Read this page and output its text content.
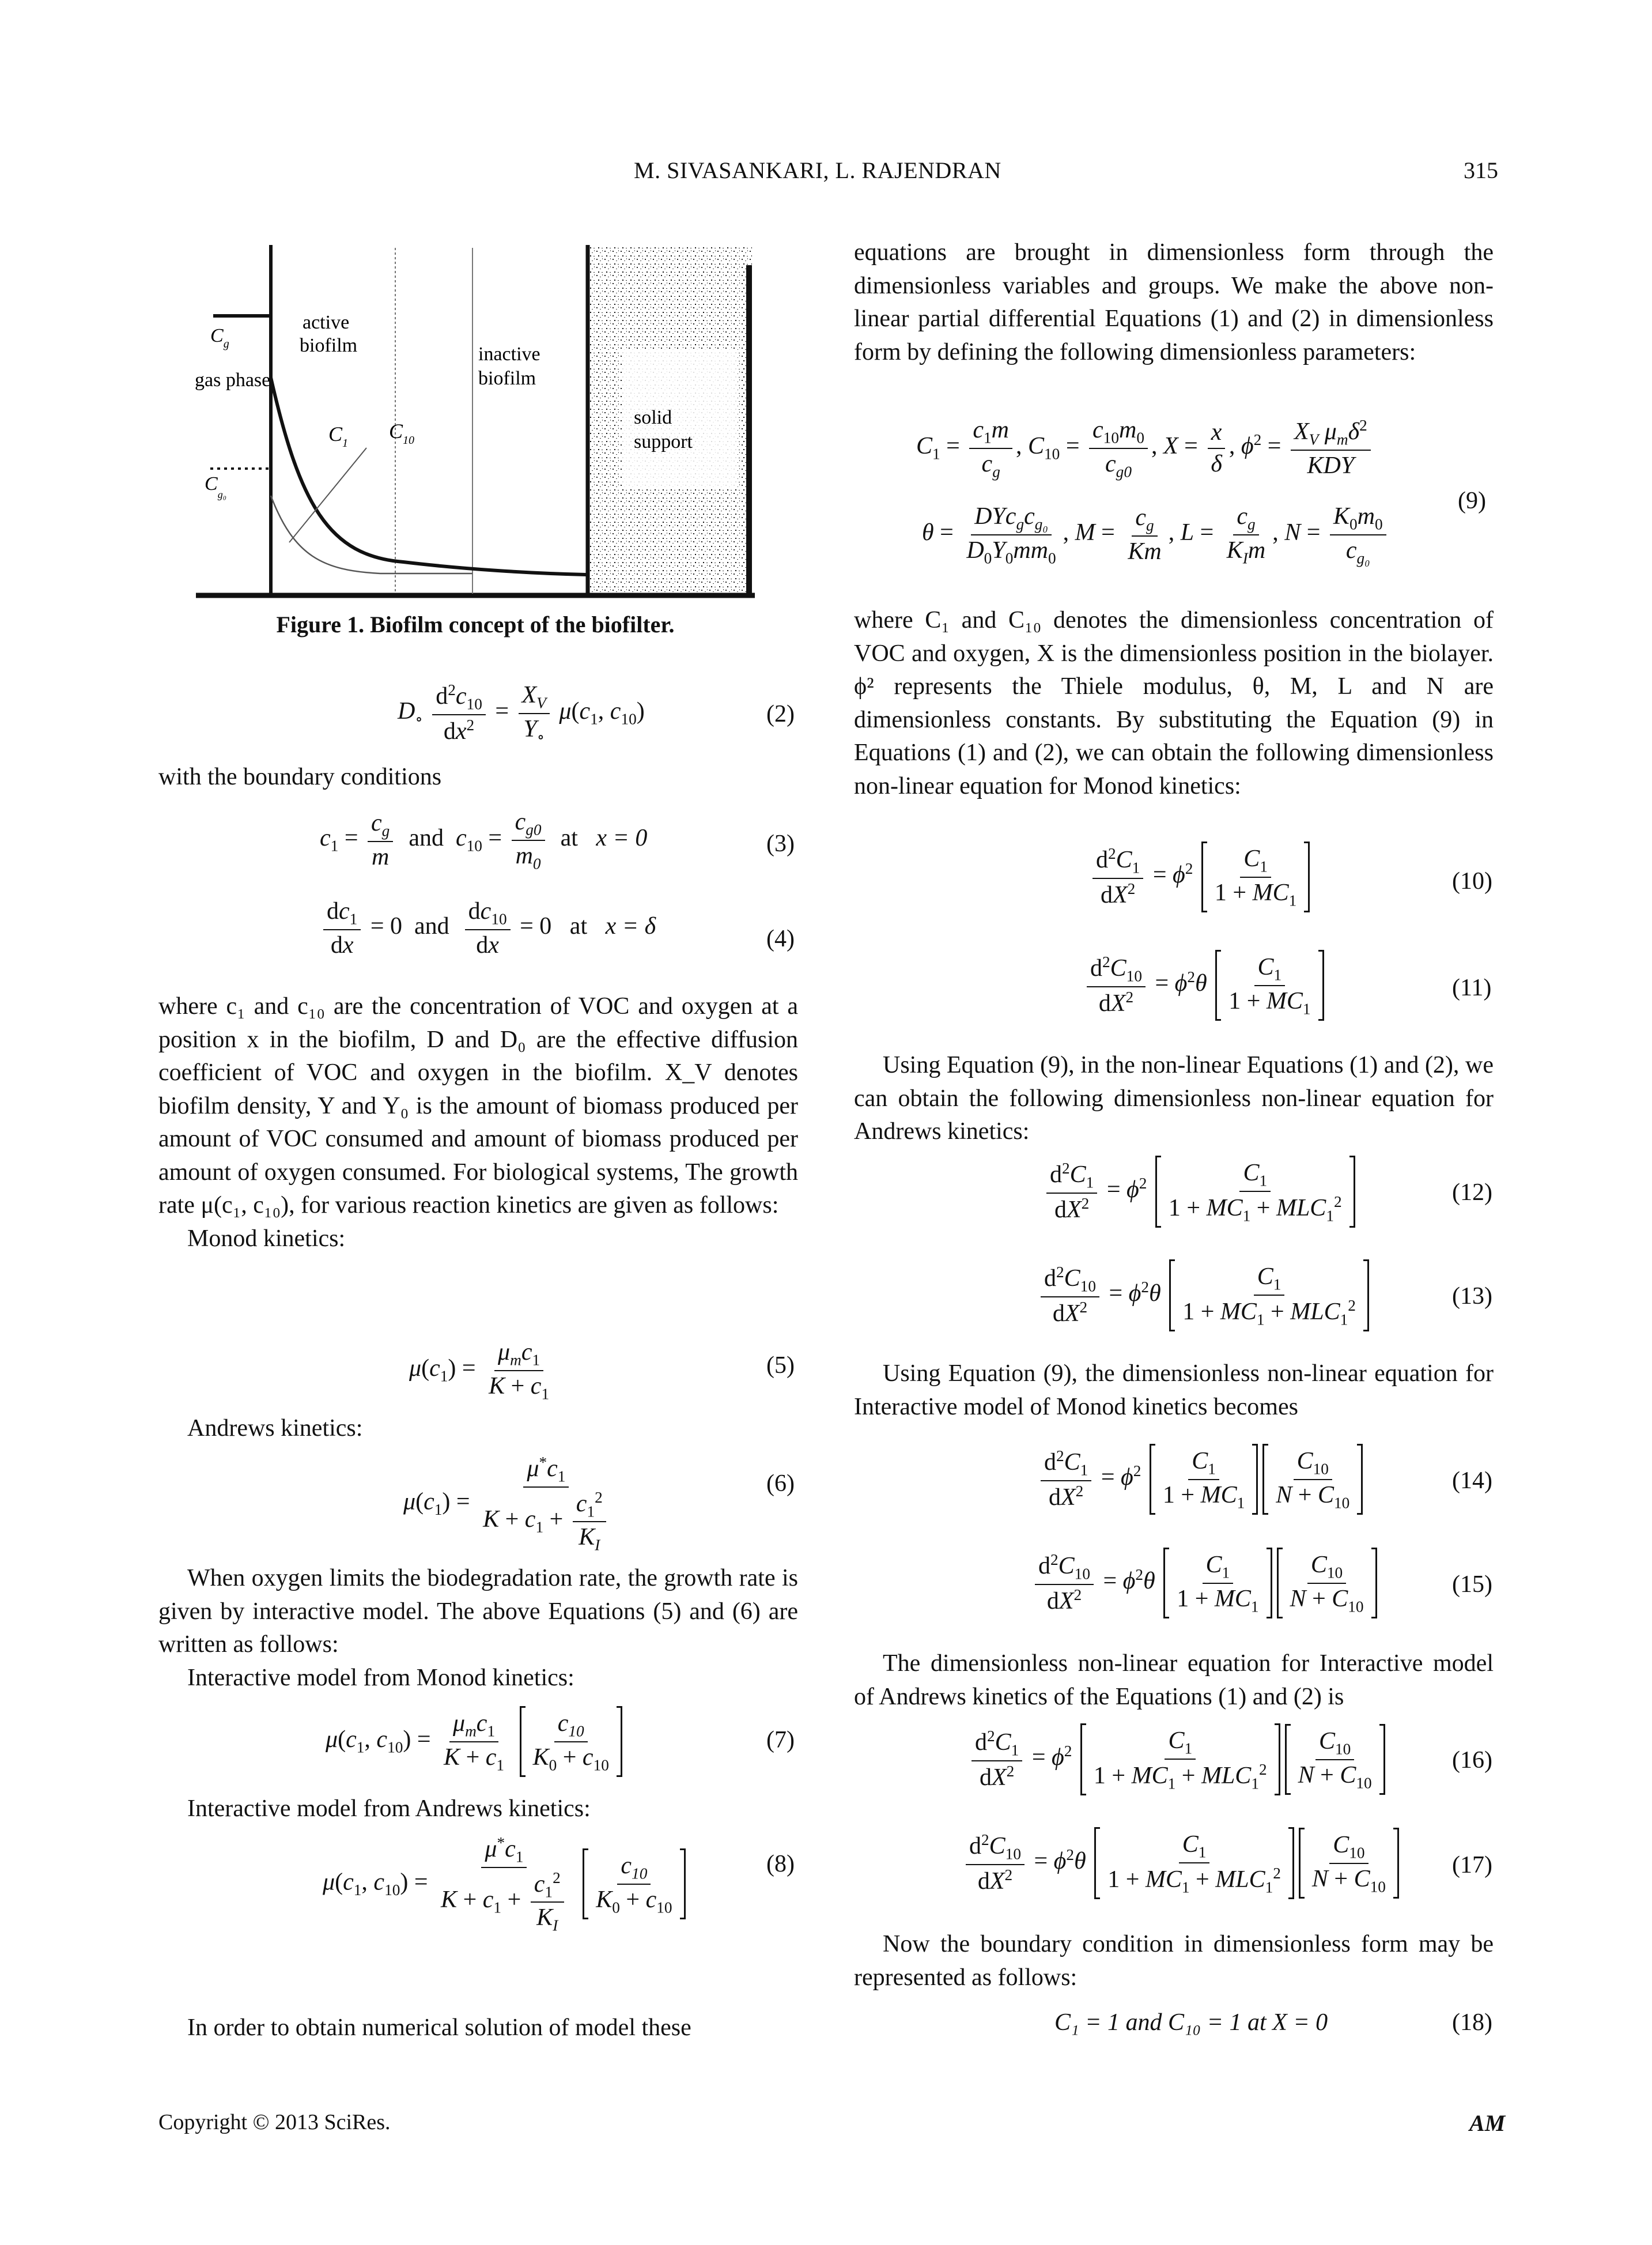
M. SIVASANKARI, L. RAJENDRAN	315
$C_g$
gas phase
$C_{g_0}$
active
biofilm	inactive
biofilm
solid
support
$C_1$
$C_{10}$
Figure 1. Biofilm concept of the biofilter.
$D_\circ \frac{d^2c_{10}}{dx^2} = \frac{X_V}{Y_\circ} \mu(c_1$, $c_{10}$)	(2)
with the boundary conditions
$c_1 = \frac{c_g}{m}$ and $c_{10} = \frac{c_{g0}}{m_0}$ at x = 0	(3)
$\frac{dc_1}{dx} = 0$  and $\frac{dc_{10}}{dx} = 0$   at x = δ	(4)

where c₁ and c₁₀ are the concentration of VOC and oxygen at a position x in the biofilm, D and D₀ are the effective diffusion coefficient of VOC and oxygen in the biofilm. X_V denotes biofilm density, Y and Y₀ is the amount of biomass produced per amount of VOC consumed and amount of biomass produced per amount of oxygen consumed. For biological systems, The growth rate μ(c₁, c₁₀), for various reaction kinetics are given as follows:

Monod kinetics:

$\mu(c_1) = \frac{\mu_mc_1}{K + c_1}$	(5)
Andrews kinetics:
$\mu(c_1) = \frac{\mu^*c_1}{K + c_1 + \frac{c_1^2}{K_I}}$	(6)

When oxygen limits the biodegradation rate, the growth rate is given by interactive model. The above Equations (5) and (6) are written as follows:

Interactive model from Monod kinetics:

$\mu(c_1$, $c_{10}) = \frac{\mu_mc_1}{K + c_1}$
$\frac{c_{10}}{K_0 + c_{10}}$	(7)
Interactive model from Andrews kinetics:
$\mu(c_1$, $c_{10}) = \frac{\mu^*c_1}{K + c_1 + \frac{c_1^2}{K_I}}$
$\frac{c_{10}}{K_0 + c_{10}}$	(8)
In order to obtain numerical solution of model these
equations are brought in dimensionless form through the dimensionless variables and groups. We make the above non-linear partial differential Equations (1) and (2) in dimensionless form by defining the following dimensionless parameters:
$C_1 = \frac{c_1m}{c_g}$ , $C_{10} = \frac{c_{10}m_0}{c_{g0}}$ , $X = \frac{x}{\delta}$ , $\phi^2 = \frac{X_V \mu_m\delta^2}{\text{KDY}}$
$\theta = \frac{DYc_gc_{g_0}}{D_0Y_0mm_0}$ , $M = \frac{c_g}{Km}$ , $L = \frac{c_g}{K_Im}$ , $N = \frac{K_0m_0}{c_{g_0}}$
(9)
where C₁ and C₁₀ denotes the dimensionless concentration of VOC and oxygen, X is the dimensionless position in the biolayer. ϕ² represents the Thiele modulus, θ, M, L and N are dimensionless constants. By substituting the Equation (9) in Equations (1) and (2), we can obtain the following dimensionless non-linear equation for Monod kinetics:
$\frac{d^2C_1}{dX^2} = \phi^2 \frac{C_1}{1 + MC_1}$	(10)
$\frac{d^2C_{10}}{dX^2} = \phi^2\theta \frac{C_1}{1 + MC_1}$	(11)
Using Equation (9), in the non-linear Equations (1) and (2), we can obtain the following dimensionless non-linear equation for Andrews kinetics:
$\frac{d^2C_1}{dX^2} = \phi^2 \frac{C_1}{1 + MC_1 + MLC_1^2}$	(12)
$\frac{d^2C_{10}}{dX^2} = \phi^2\theta \frac{C_1}{1 + MC_1 + MLC_1^2}$	(13)
Using Equation (9), the dimensionless non-linear equation for Interactive model of Monod kinetics becomes
$\frac{d^2C_1}{dX^2} = \phi^2 \frac{C_1}{1 + MC_1} \frac{C_{10}}{N + C_{10}}$	(14)
$\frac{d^2C_{10}}{dX^2} = \phi^2\theta \frac{C_1}{1 + MC_1} \frac{C_{10}}{N + C_{10}}$	(15)
The dimensionless non-linear equation for Interactive model of Andrews kinetics of the Equations (1) and (2) is
$\frac{d^2C_1}{dX^2} = \phi^2 \frac{C_1}{1 + MC_1 + MLC_1^2} \frac{C_{10}}{N + C_{10}}$	(16)
$\frac{d^2C_{10}}{dX^2} = \phi^2\theta \frac{C_1}{1 + MC_1 + MLC_1^2} \frac{C_{10}}{N + C_{10}}$	(17)
Now the boundary condition in dimensionless form may be represented as follows:
C₁ = 1 and C₁₀ = 1 at X = 0	(18)
Copyright © 2013 SciRes.	AM
